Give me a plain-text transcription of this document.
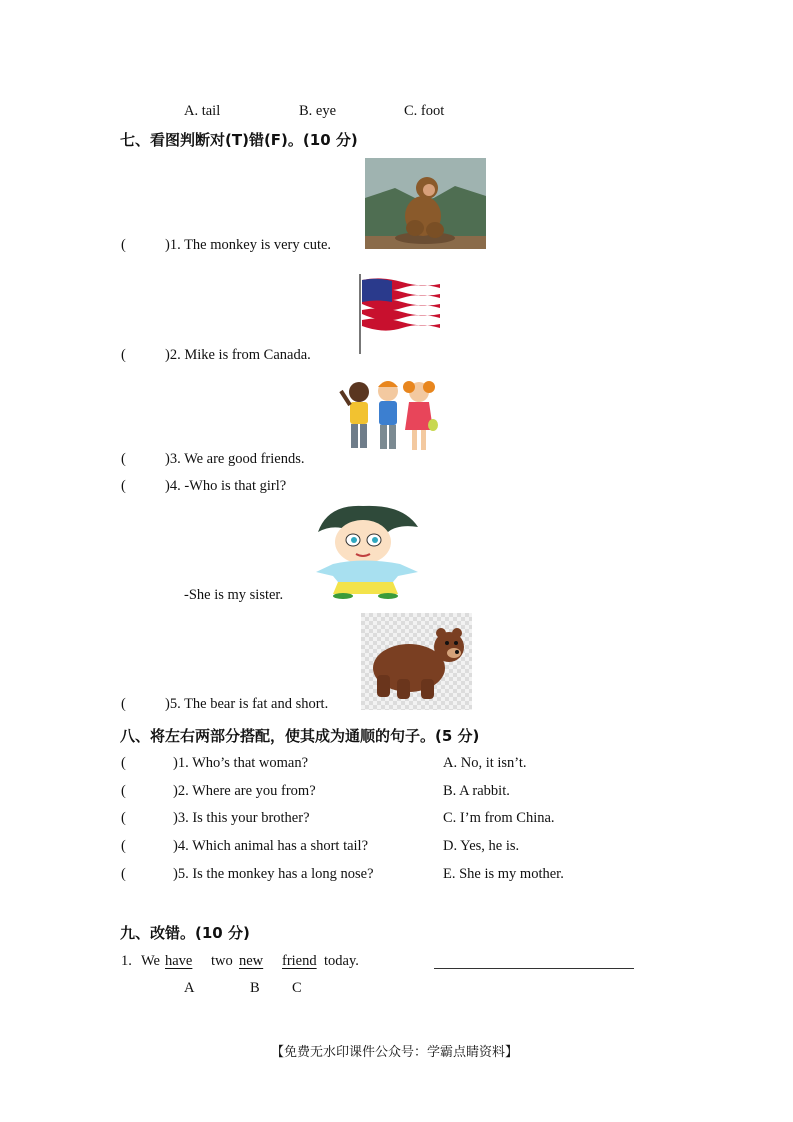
A. tail	B. eye	C. foot
七、看图判断对(T)错(F)。(10 分)
(	)1. The monkey is very cute.
(	)2. Mike is from Canada.
(	)3. We are good friends.
(	)4. -Who is that girl?
-She is my sister.
(	)5. The bear is fat and short.
八、将左右两部分搭配，使其成为通顺的句子。(5 分)
(	)1. Who’s that woman?	A. No, it isn’t.
(	)2. Where are you from?	B. A rabbit.
(	)3. Is this your brother?	C. I’m from China.
(	)4. Which animal has a short tail?	D. Yes, he is.
(	)5. Is the monkey has a long nose?	E. She is my mother.
九、改错。(10 分)
1. We have two new friend today.
A	B C
【免费无水印课件公众号：学霸点睛资料】
